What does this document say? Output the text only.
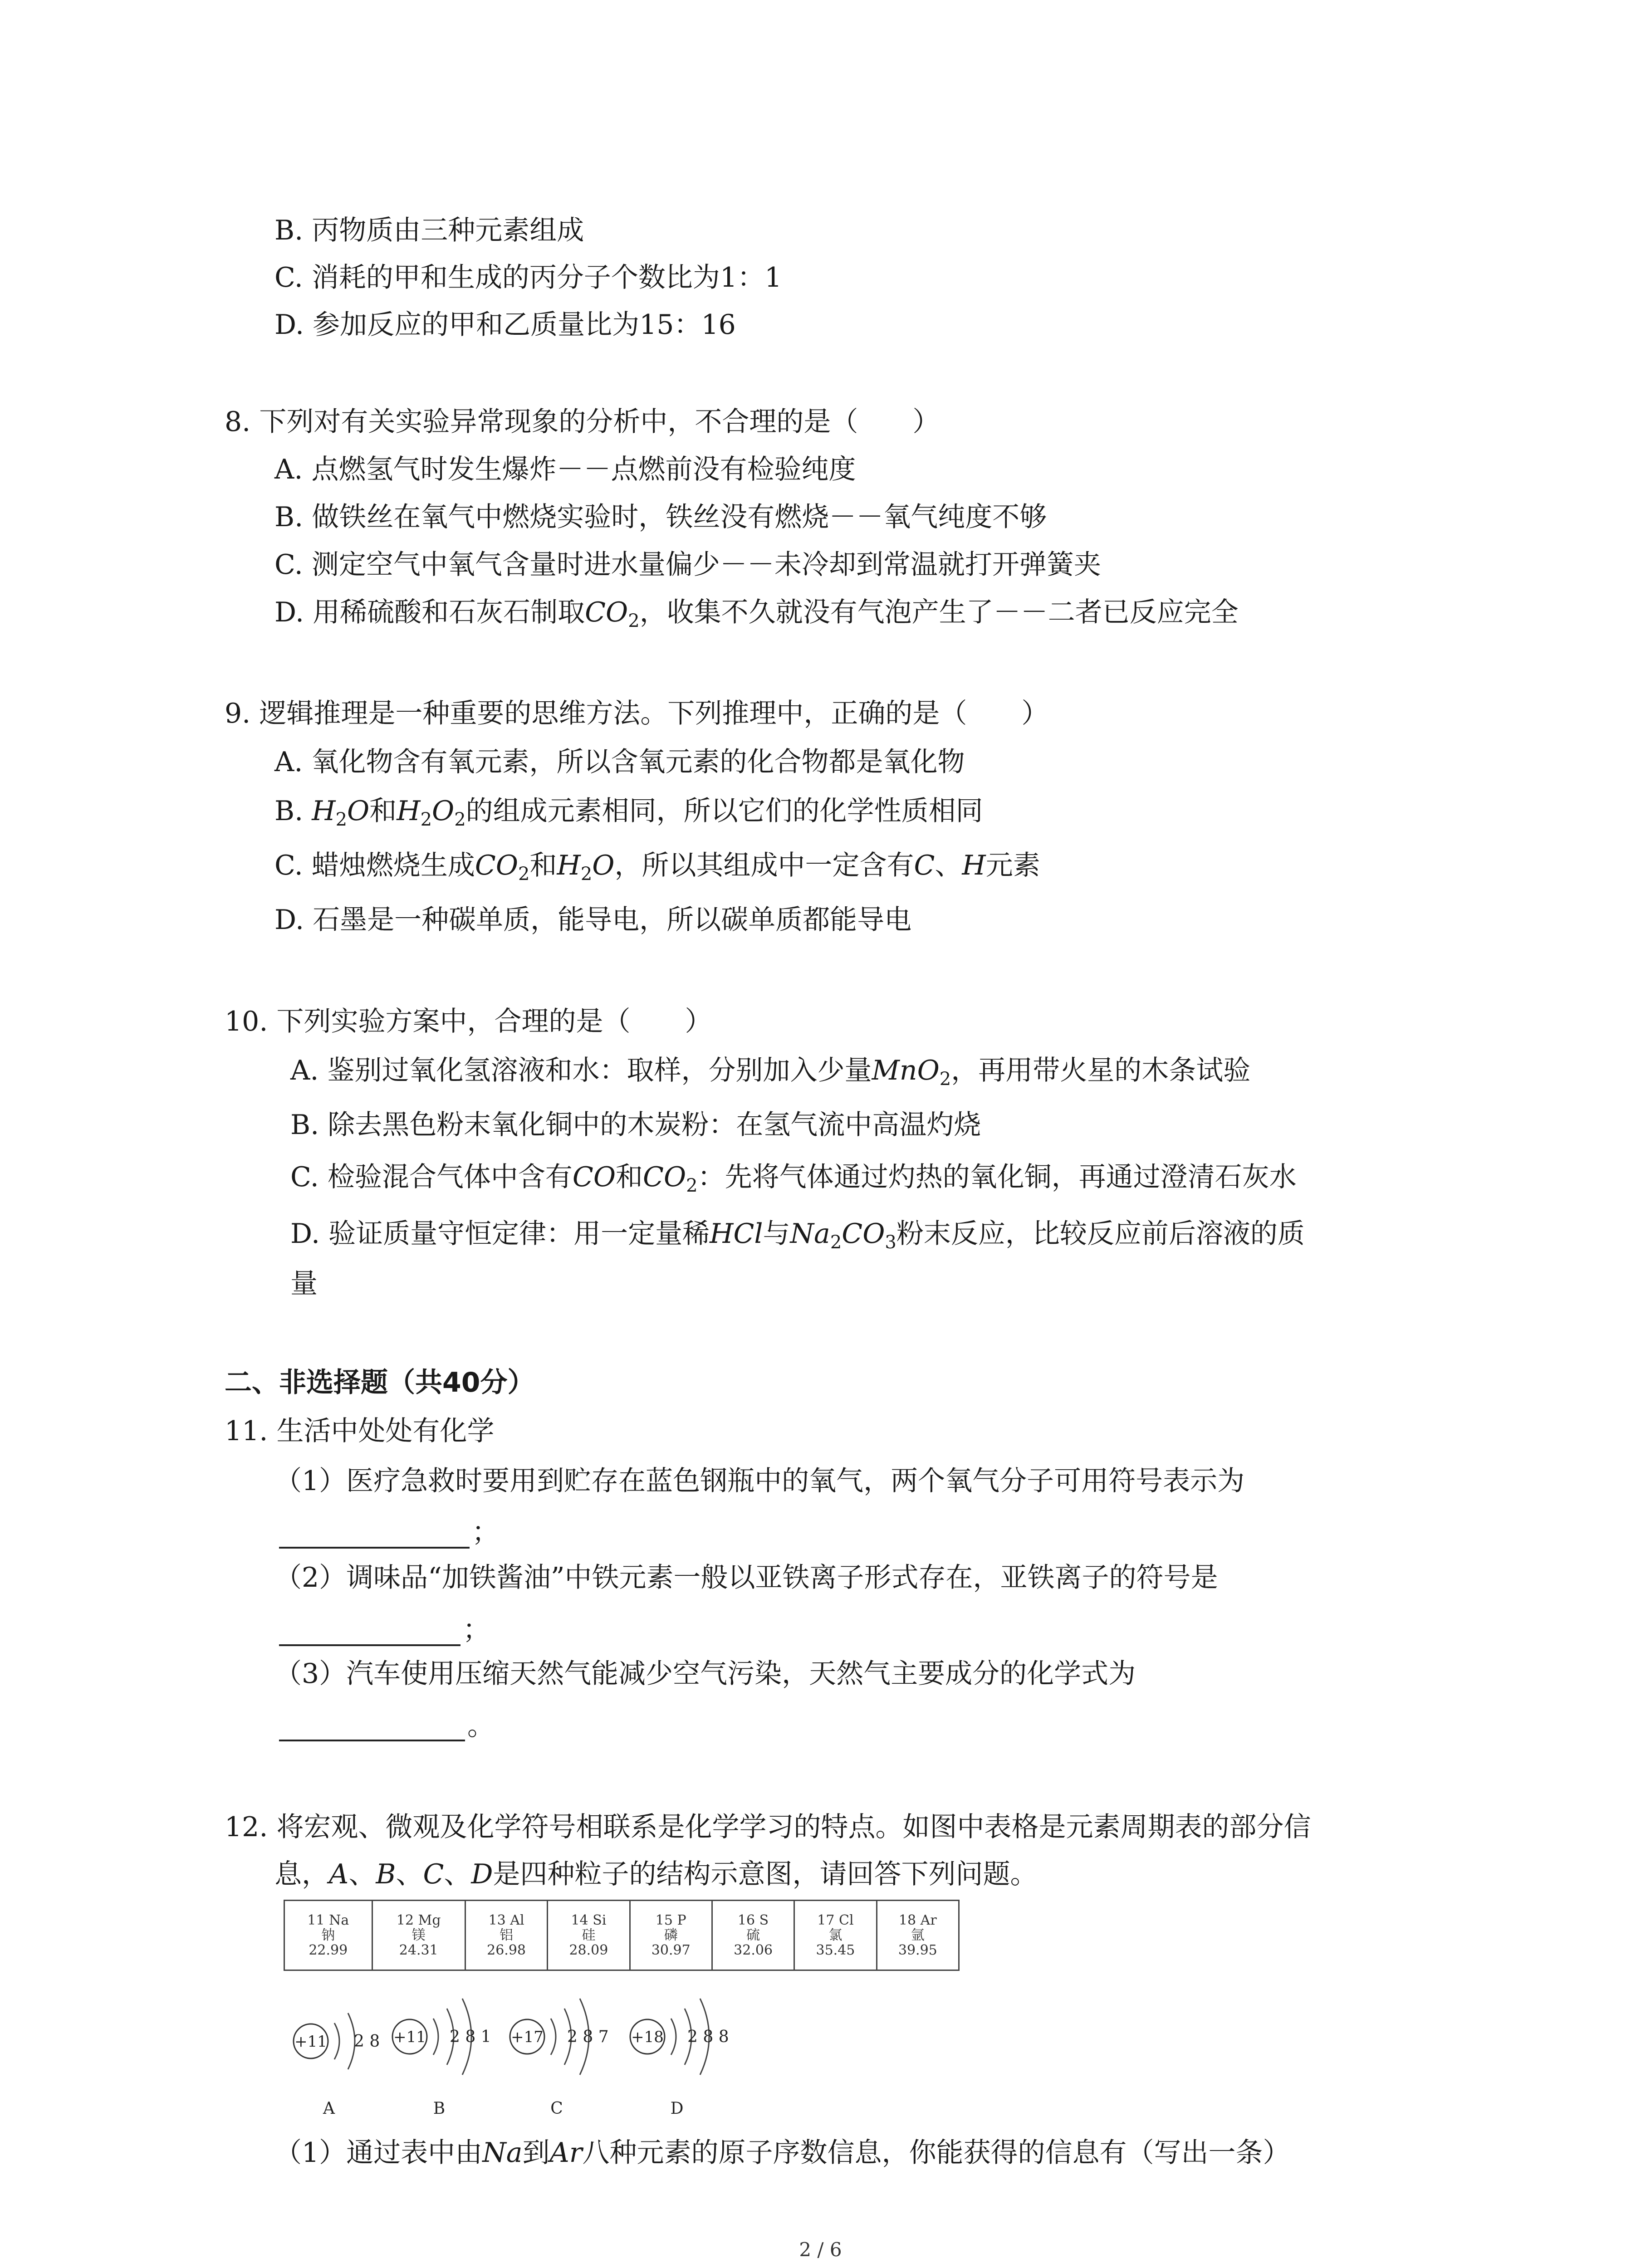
B. 丙物质由三种元素组成
C. 消耗的甲和生成的丙分子个数比为1：1
D. 参加反应的甲和乙质量比为15：16
8. 下列对有关实验异常现象的分析中，不合理的是（　　）
A. 点燃氢气时发生爆炸－－点燃前没有检验纯度
B. 做铁丝在氧气中燃烧实验时，铁丝没有燃烧－－氧气纯度不够
C. 测定空气中氧气含量时进水量偏少－－未冷却到常温就打开弹簧夹
D. 用稀硫酸和石灰石制取$CO_2$，收集不久就没有气泡产生了－－二者已反应完全
9. 逻辑推理是一种重要的思维方法。下列推理中，正确的是（　　）
A. 氧化物含有氧元素，所以含氧元素的化合物都是氧化物
B. $H_2O$和$H_2O_2$的组成元素相同，所以它们的化学性质相同
C. 蜡烛燃烧生成$CO_2$和$H_2O$，所以其组成中一定含有C、H元素
D. 石墨是一种碳单质，能导电，所以碳单质都能导电
10. 下列实验方案中，合理的是（　　）
A. 鉴别过氧化氢溶液和水：取样，分别加入少量MnO$_2$，再用带火星的木条试验
B. 除去黑色粉末氧化铜中的木炭粉：在氢气流中高温灼烧
C. 检验混合气体中含有CO和$CO_2$：先将气体通过灼热的氧化铜，再通过澄清石灰水
D. 验证质量守恒定律：用一定量稀HCl与$Na_2CO_3$粉末反应，比较反应前后溶液的质
量
二、非选择题（共40分）
11. 生活中处处有化学
（1）医疗急救时要用到贮存在蓝色钢瓶中的氧气，两个氧气分子可用符号表示为
；
（2）调味品“加铁酱油”中铁元素一般以亚铁离子形式存在，亚铁离子的符号是
；
（3）汽车使用压缩天然气能减少空气污染，天然气主要成分的化学式为
。
12. 将宏观、微观及化学符号相联系是化学学习的特点。如图中表格是元素周期表的部分信
息，A、B、C、D是四种粒子的结构示意图，请回答下列问题。
11 Na
钠
22.99	12 Mg
镁
24.31	13 Al
铝
26.98	14 Si
硅
28.09	15 P
磷
30.97	16 S
硫
32.06	17 Cl
氯
35.45	18 Ar
氩
39.95
+11 2 8
A
+11 2 8 1
B
+17 2 8 7
C
+18 2 8 8
D
（1）通过表中由Na到Ar八种元素的原子序数信息，你能获得的信息有（写出一条）
2 / 6
